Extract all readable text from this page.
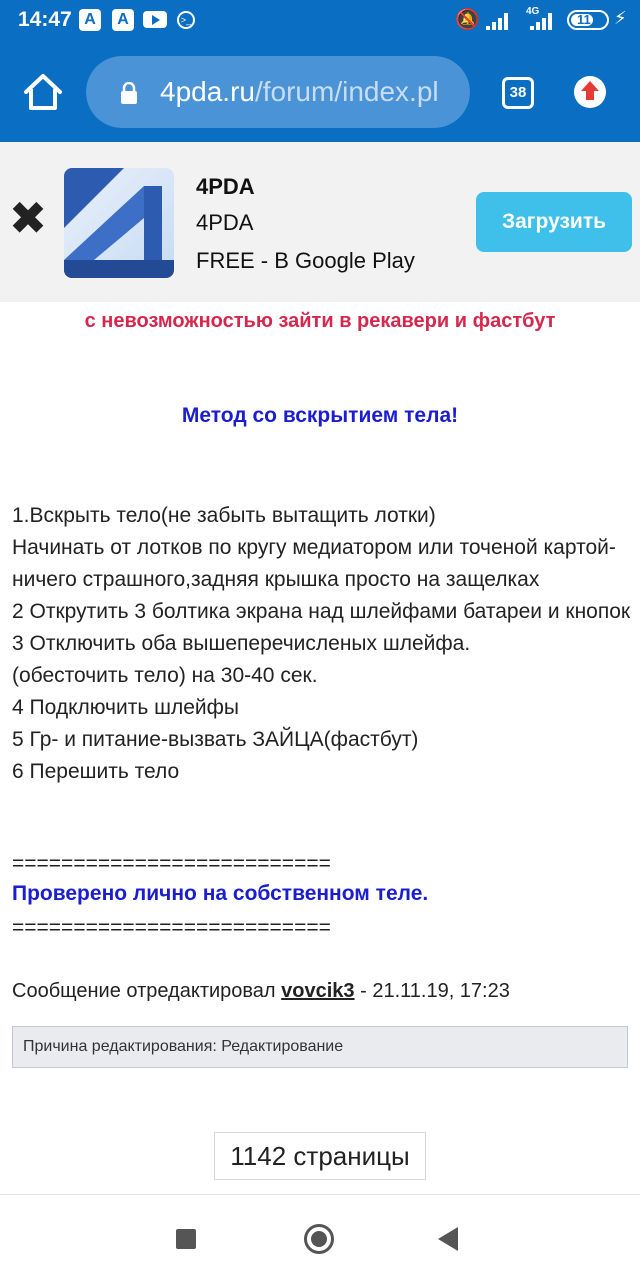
14:47 A	A	>_	🔕	4G
11 ⚡
4pda.ru/forum/index.pl	38
✖
4PDA
4PDA
FREE - В Google Play
Загрузить
с невозможностью зайти в рекавери и фастбут
Метод со вскрытием тела!
1.Вскрыть тело(не забыть вытащить лотки)
Начинать от лотков по кругу медиатором или точеной картой-
ничего страшного,задняя крышка просто на защелках
2 Открутить 3 болтика экрана над шлейфами батареи и кнопок
3 Отключить оба вышеперечисленых шлейфа.
(обесточить тело) на 30-40 сек.
4 Подключить шлейфы
5 Гр- и питание-вызвать ЗАЙЦА(фастбут)
6 Перешить тело
==========================
Проверено лично на собственном теле.
==========================
Сообщение отредактировал vovcik3 - 21.11.19, 17:23
Причина редактирования: Редактирование
1142 страницы
